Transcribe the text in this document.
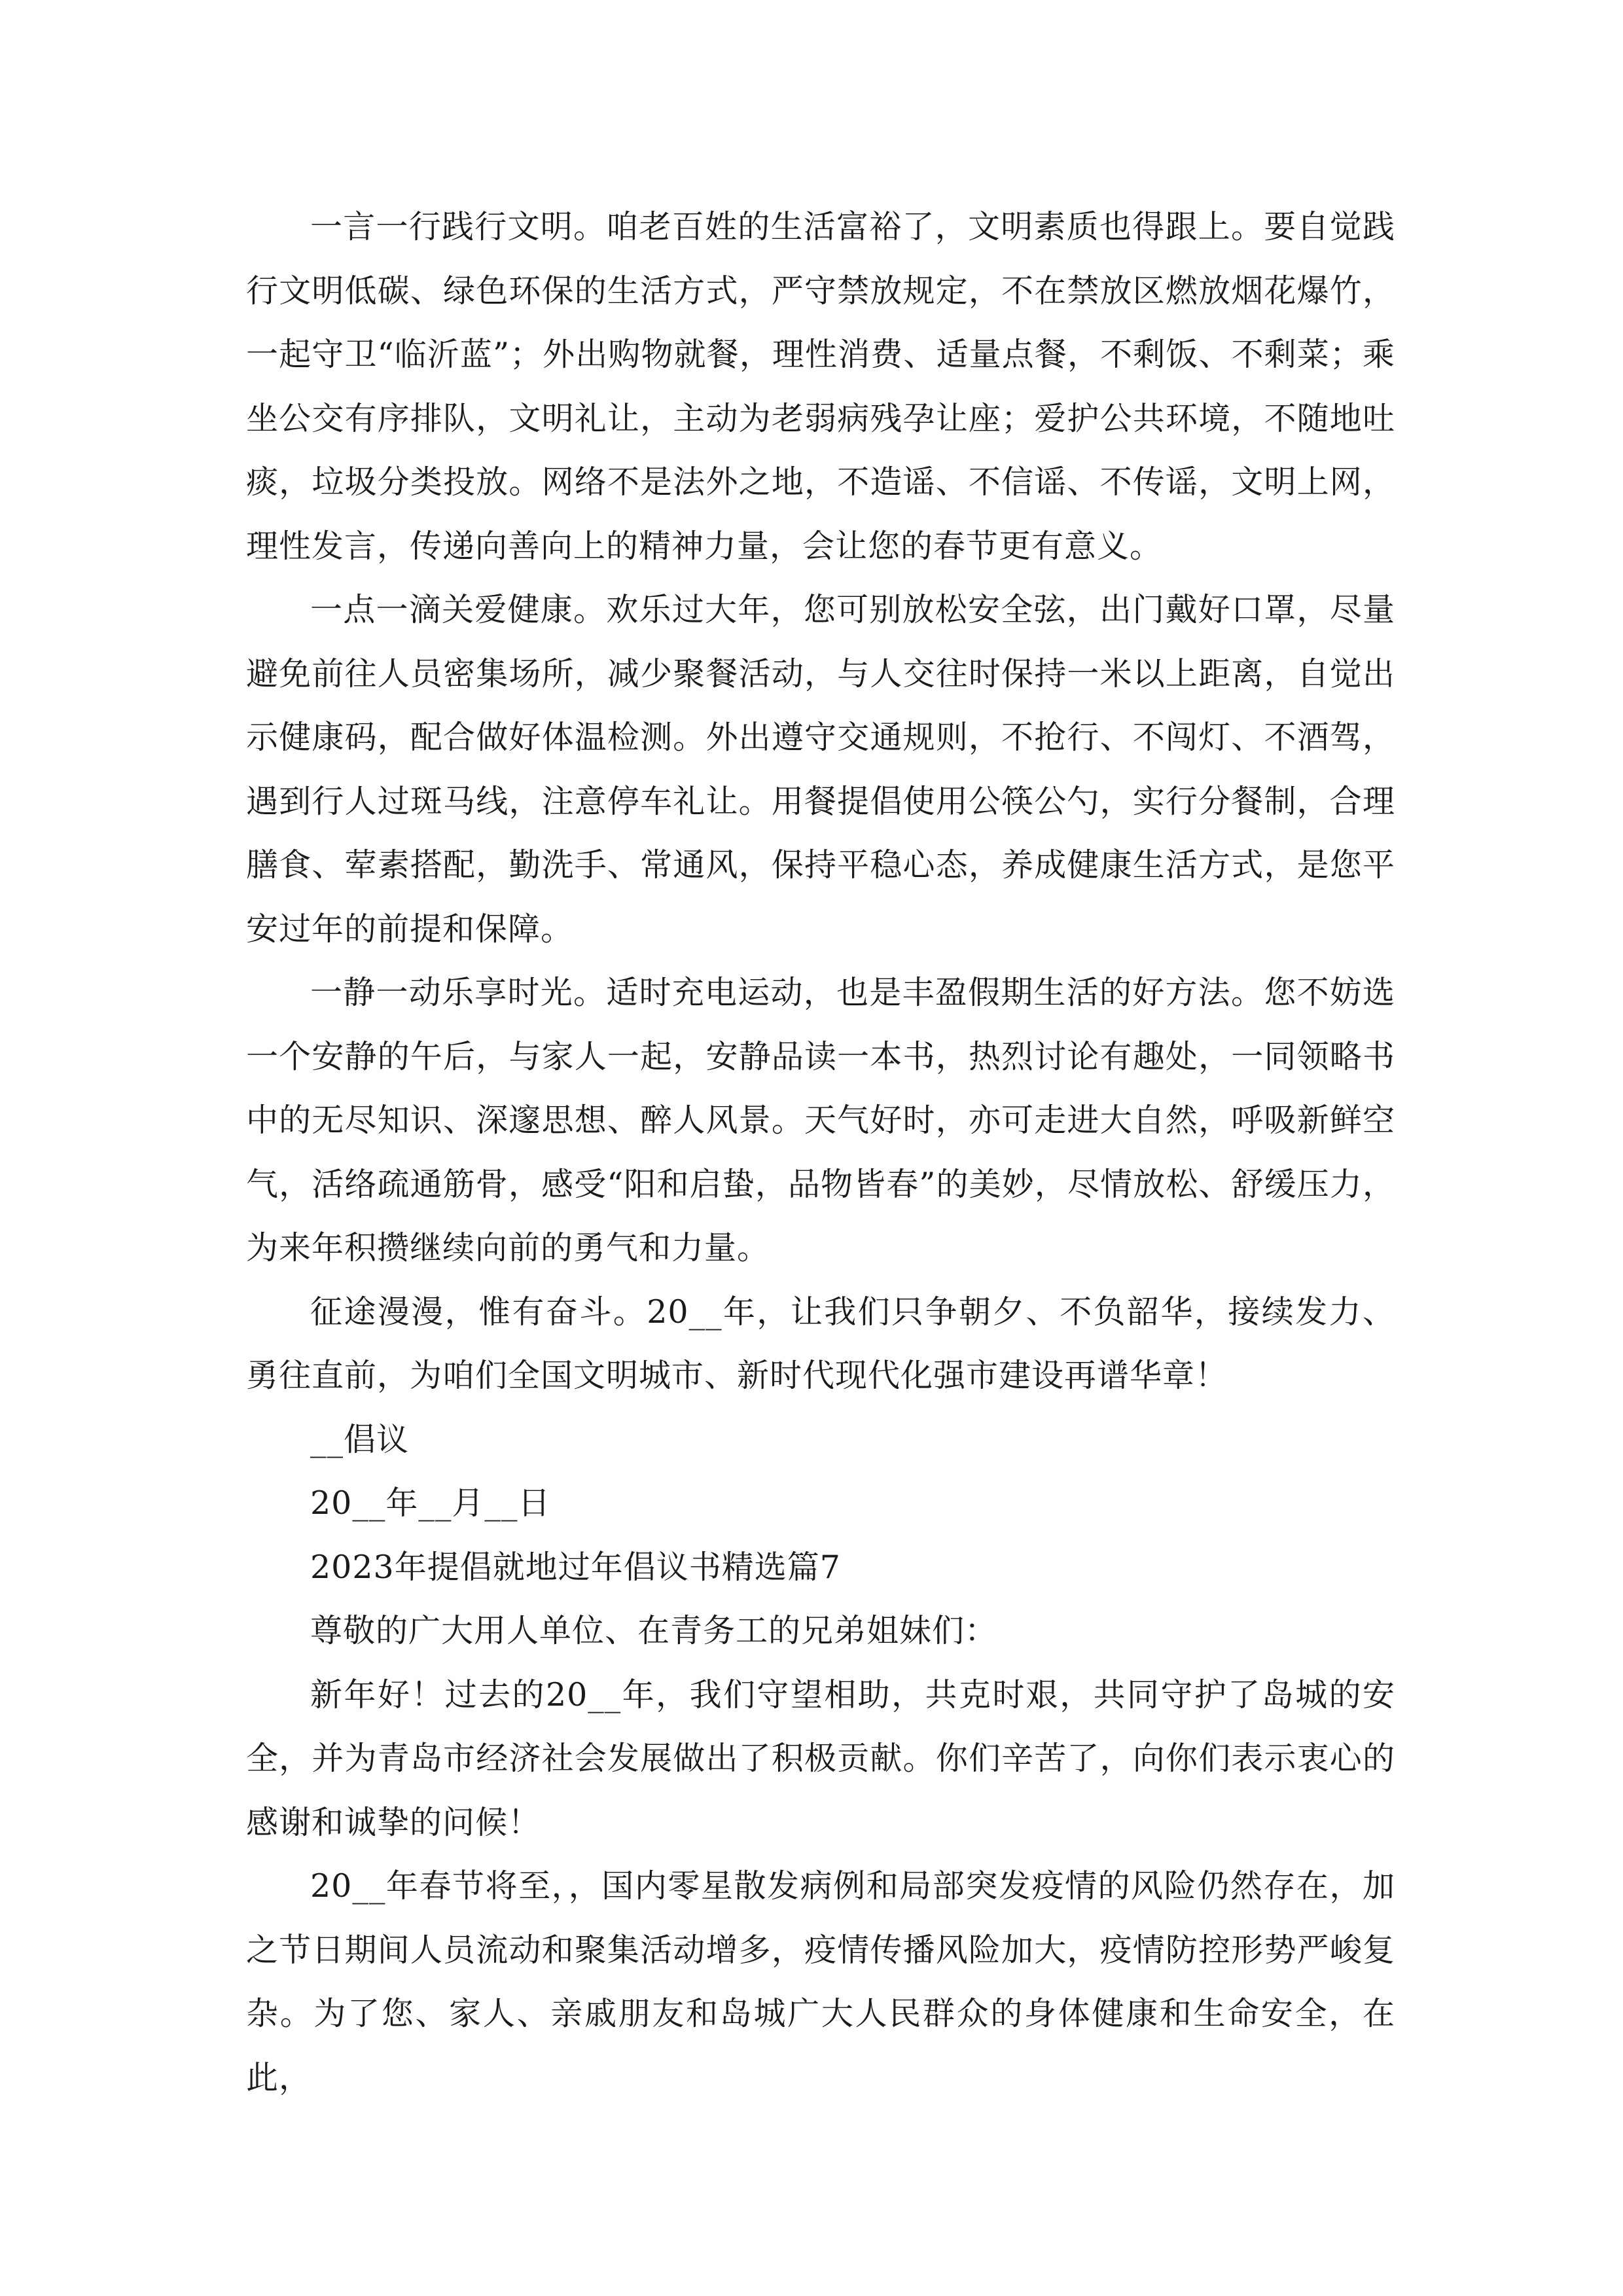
一言一行践行文明。咱老百姓的生活富裕了，文明素质也得跟上。要自觉践行文明低碳、绿色环保的生活方式，严守禁放规定，不在禁放区燃放烟花爆竹，一起守卫“临沂蓝”；外出购物就餐，理性消费、适量点餐，不剩饭、不剩菜；乘坐公交有序排队，文明礼让，主动为老弱病残孕让座；爱护公共环境，不随地吐痰，垃圾分类投放。网络不是法外之地，不造谣、不信谣、不传谣，文明上网，理性发言，传递向善向上的精神力量，会让您的春节更有意义。

一点一滴关爱健康。欢乐过大年，您可别放松安全弦，出门戴好口罩，尽量避免前往人员密集场所，减少聚餐活动，与人交往时保持一米以上距离，自觉出示健康码，配合做好体温检测。外出遵守交通规则，不抢行、不闯灯、不酒驾，遇到行人过斑马线，注意停车礼让。用餐提倡使用公筷公勺，实行分餐制，合理膳食、荤素搭配，勤洗手、常通风，保持平稳心态，养成健康生活方式，是您平安过年的前提和保障。

一静一动乐享时光。适时充电运动，也是丰盈假期生活的好方法。您不妨选一个安静的午后，与家人一起，安静品读一本书，热烈讨论有趣处，一同领略书中的无尽知识、深邃思想、醉人风景。天气好时，亦可走进大自然，呼吸新鲜空气，活络疏通筋骨，感受“阳和启蛰，品物皆春”的美妙，尽情放松、舒缓压力，为来年积攒继续向前的勇气和力量。

征途漫漫，惟有奋斗。20__年，让我们只争朝夕、不负韶华，接续发力、勇往直前，为咱们全国文明城市、新时代现代化强市建设再谱华章！

__倡议

20__年__月__日

2023年提倡就地过年倡议书精选篇7

尊敬的广大用人单位、在青务工的兄弟姐妹们：

新年好！过去的20__年，我们守望相助，共克时艰，共同守护了岛城的安全，并为青岛市经济社会发展做出了积极贡献。你们辛苦了，向你们表示衷心的感谢和诚挚的问候！

20__年春节将至，，国内零星散发病例和局部突发疫情的风险仍然存在，加之节日期间人员流动和聚集活动增多，疫情传播风险加大，疫情防控形势严峻复杂。为了您、家人、亲戚朋友和岛城广大人民群众的身体健康和生命安全，在此，
